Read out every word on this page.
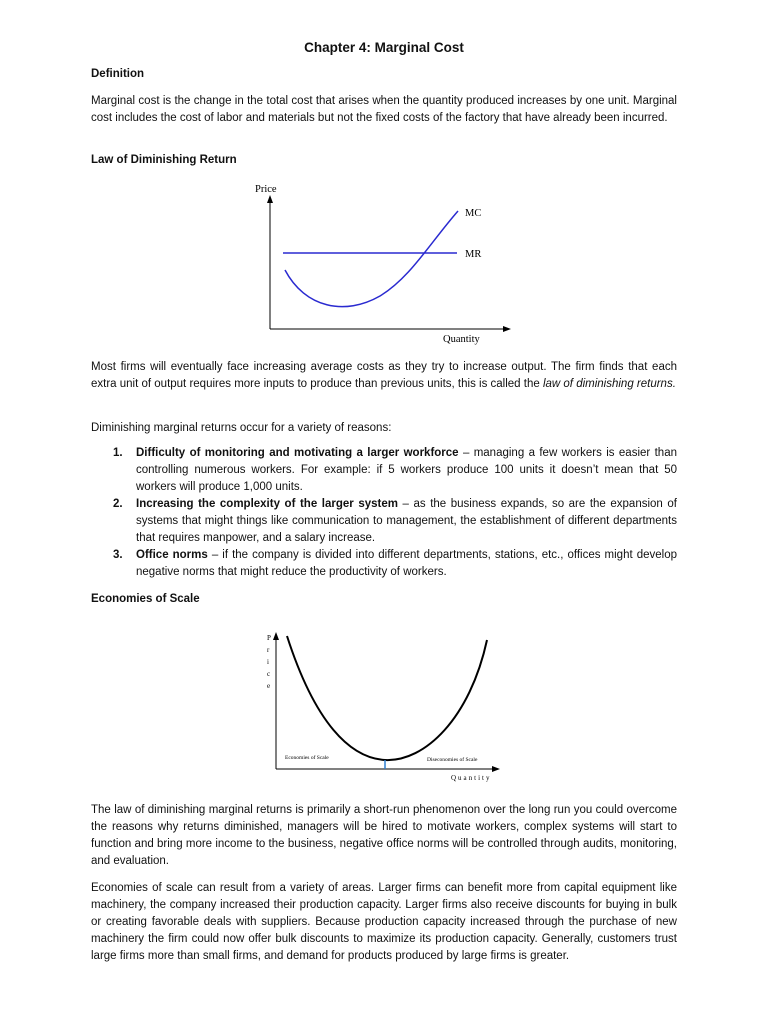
Chapter 4: Marginal Cost
Definition

Marginal cost is the change in the total cost that arises when the quantity produced increases by one unit. Marginal cost includes the cost of labor and materials but not the fixed costs of the factory that have already been incurred.

Law of Diminishing Return
Price
MC
MR
Quantity

Most firms will eventually face increasing average costs as they try to increase output. The firm finds that each extra unit of output requires more inputs to produce than previous units, this is called the law of diminishing returns.

Diminishing marginal returns occur for a variety of reasons:

1. Difficulty of monitoring and motivating a larger workforce – managing a few workers is easier than controlling numerous workers. For example: if 5 workers produce 100 units it doesn’t mean that 50 workers will produce 1,000 units.
2. Increasing the complexity of the larger system – as the business expands, so are the expansion of systems that might things like communication to management, the establishment of different departments that requires manpower, and a salary increase.
3. Office norms – if the company is divided into different departments, stations, etc., offices might develop negative norms that might reduce the productivity of workers.
Economies of Scale
P r i c e
Economies of Scale	Diseconomies of Scale
Quantity

The law of diminishing marginal returns is primarily a short-run phenomenon over the long run you could overcome the reasons why returns diminished, managers will be hired to motivate workers, complex systems will start to function and bring more income to the business, negative office norms will be controlled through audits, monitoring, and evaluation.

Economies of scale can result from a variety of areas. Larger firms can benefit more from capital equipment like machinery, the company increased their production capacity. Larger firms also receive discounts for buying in bulk or creating favorable deals with suppliers. Because production capacity increased through the purchase of new machinery the firm could now offer bulk discounts to maximize its production capacity. Generally, customers trust large firms more than small firms, and demand for products produced by large firms is greater.
